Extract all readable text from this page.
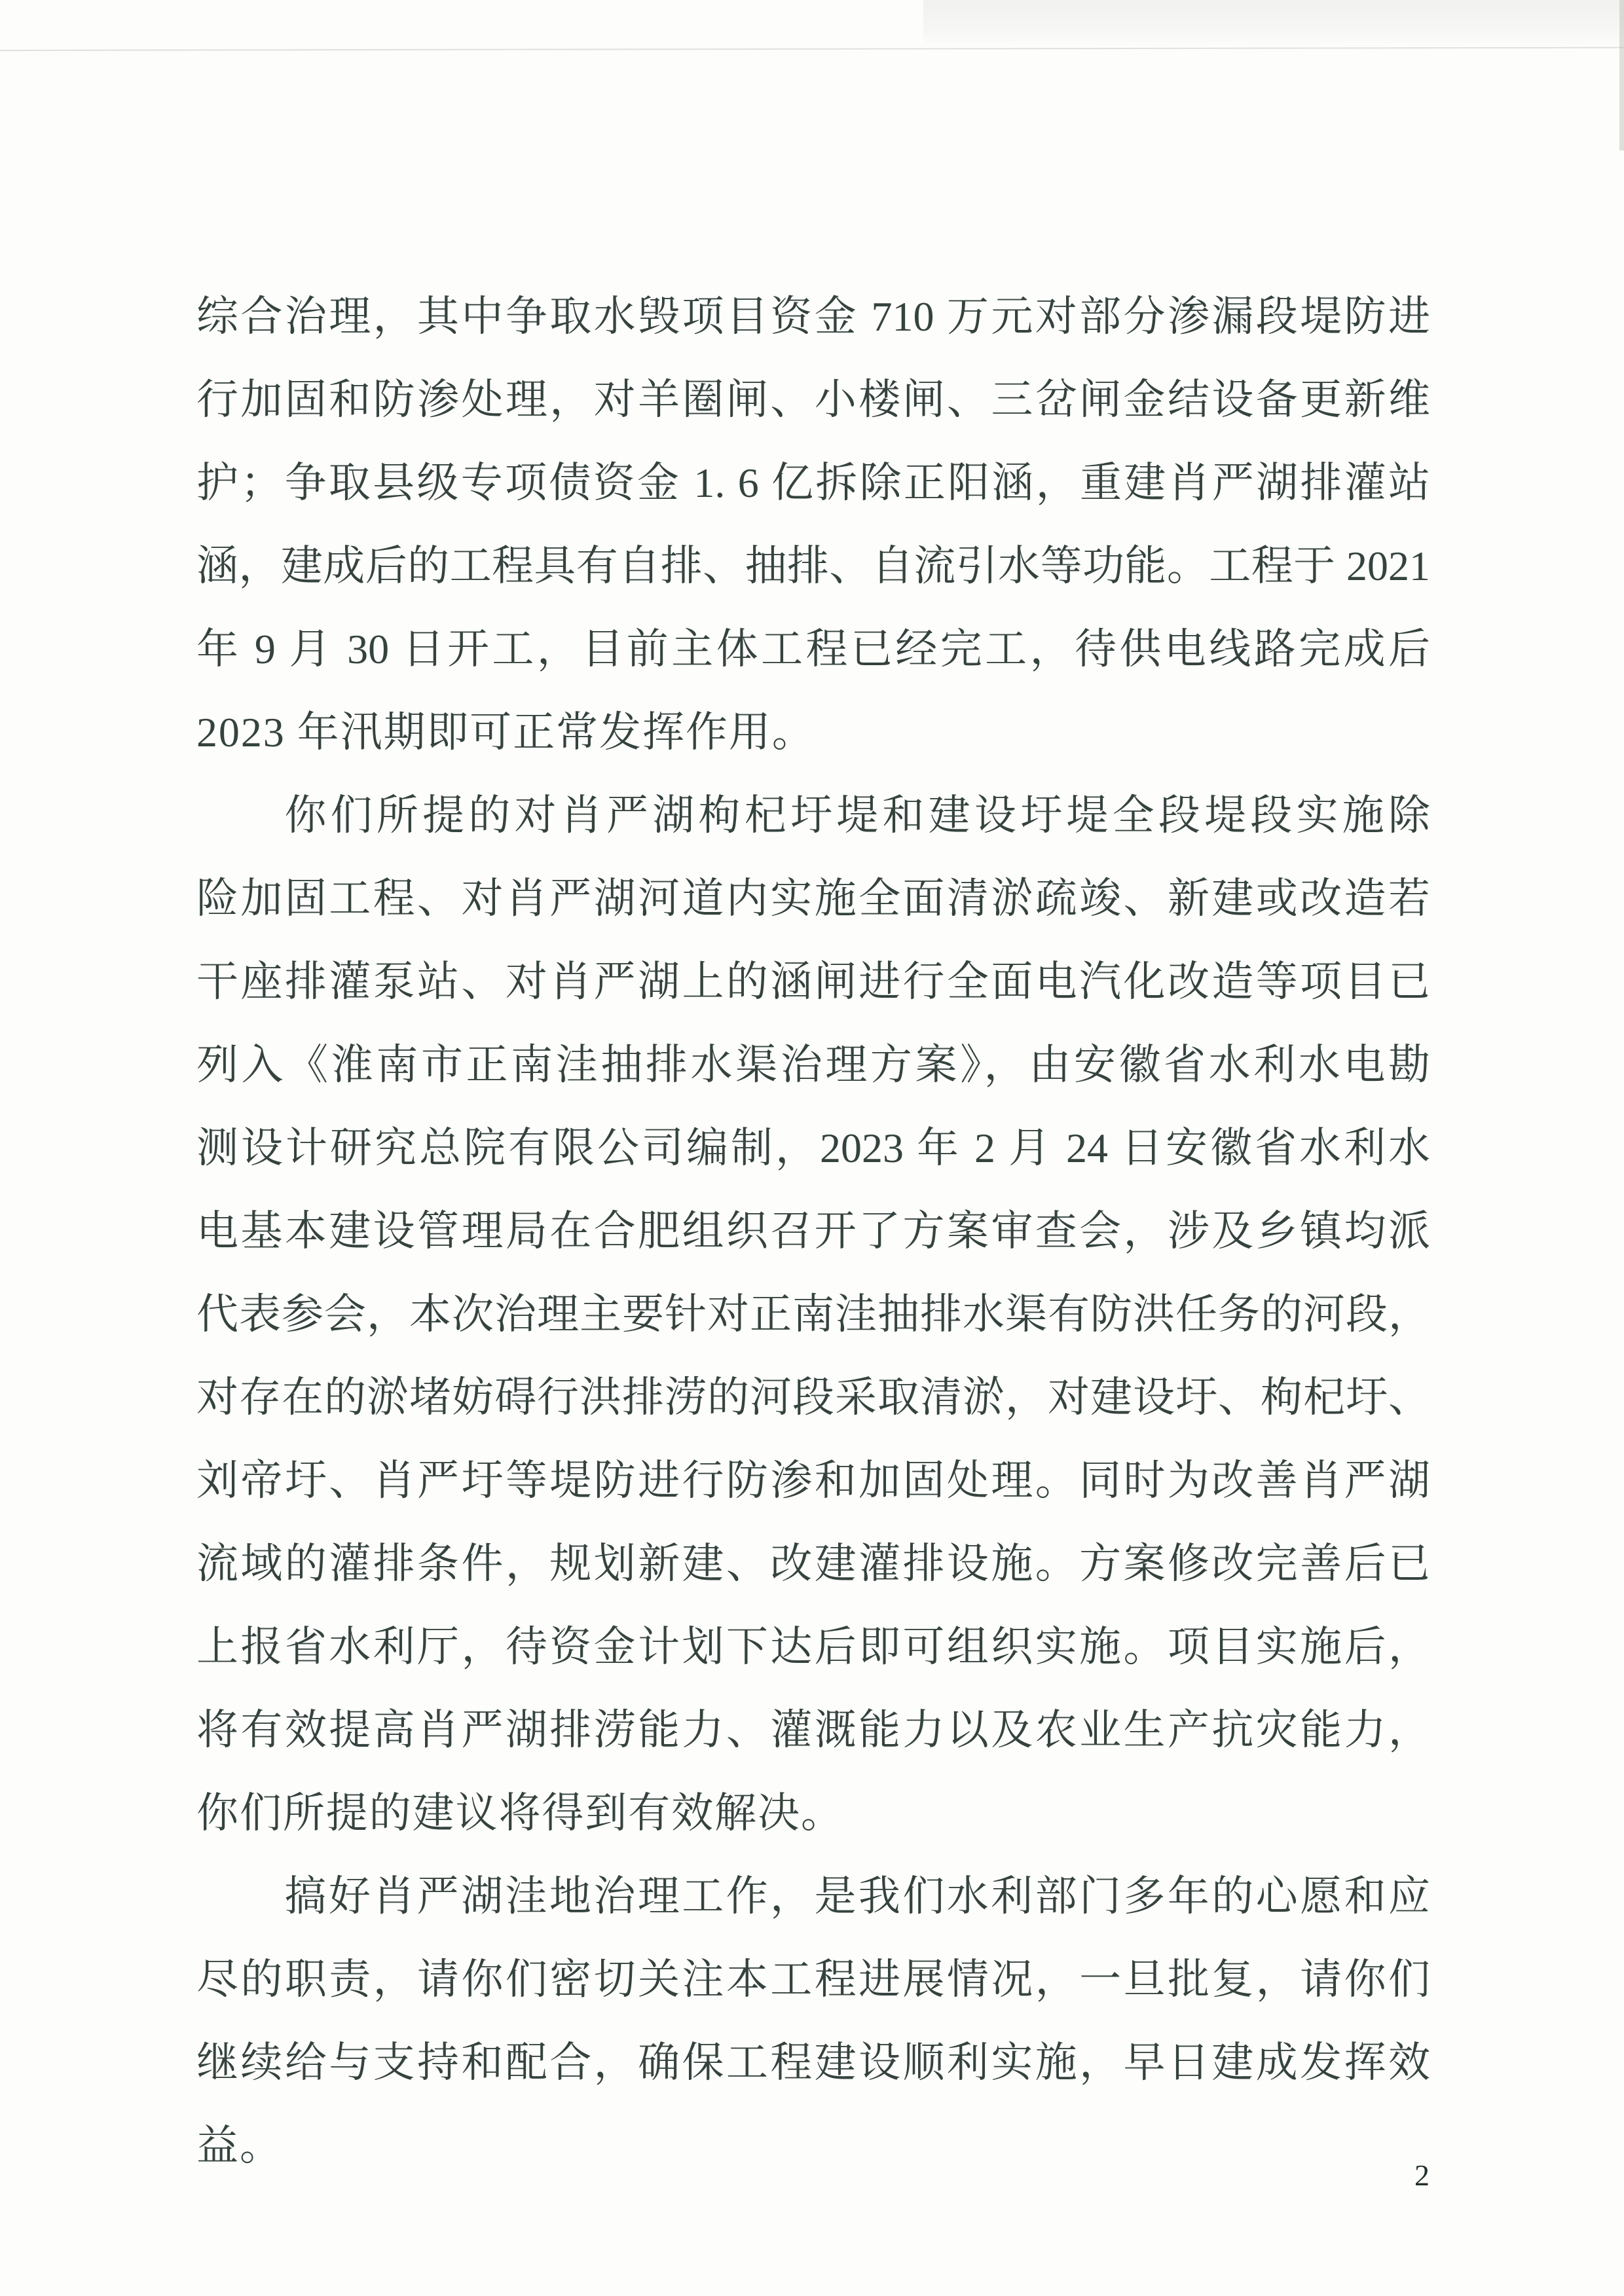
综合治理，其中争取水毁项目资金 710 万元对部分渗漏段堤防进
行加固和防渗处理，对羊圈闸、小楼闸、三岔闸金结设备更新维
护；争取县级专项债资金 1. 6 亿拆除正阳涵，重建肖严湖排灌站
涵，建成后的工程具有自排、抽排、自流引水等功能。工程于 2021
年 9 月 30 日开工，目前主体工程已经完工，待供电线路完成后
2023 年汛期即可正常发挥作用。
你们所提的对肖严湖枸杞圩堤和建设圩堤全段堤段实施除
险加固工程、对肖严湖河道内实施全面清淤疏竣、新建或改造若
干座排灌泵站、对肖严湖上的涵闸进行全面电汽化改造等项目已
列入《淮南市正南洼抽排水渠治理方案》，由安徽省水利水电勘
测设计研究总院有限公司编制，2023 年 2 月 24 日安徽省水利水
电基本建设管理局在合肥组织召开了方案审查会，涉及乡镇均派
代表参会，本次治理主要针对正南洼抽排水渠有防洪任务的河段，
对存在的淤堵妨碍行洪排涝的河段采取清淤，对建设圩、枸杞圩、
刘帝圩、肖严圩等堤防进行防渗和加固处理。同时为改善肖严湖
流域的灌排条件，规划新建、改建灌排设施。方案修改完善后已
上报省水利厅，待资金计划下达后即可组织实施。项目实施后，
将有效提高肖严湖排涝能力、灌溉能力以及农业生产抗灾能力，
你们所提的建议将得到有效解决。
搞好肖严湖洼地治理工作，是我们水利部门多年的心愿和应
尽的职责，请你们密切关注本工程进展情况，一旦批复，请你们
继续给与支持和配合，确保工程建设顺利实施，早日建成发挥效
益。
2
